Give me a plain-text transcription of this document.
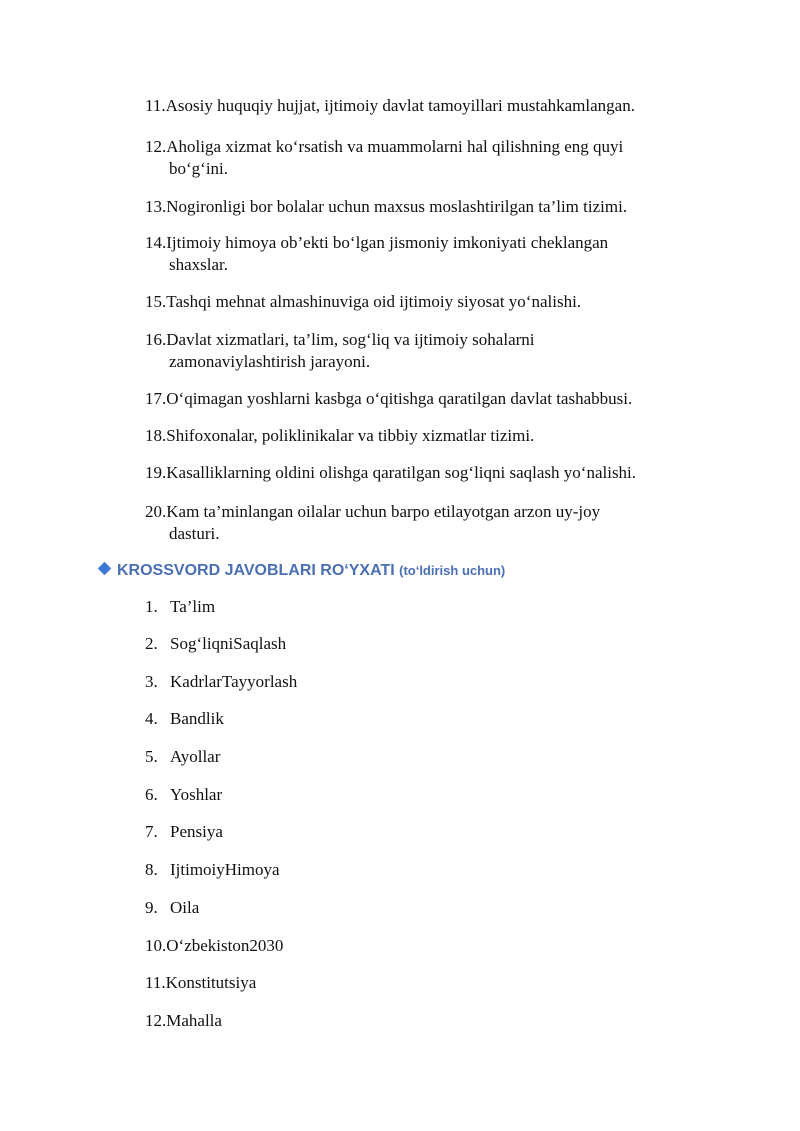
11.Asosiy huquqiy hujjat, ijtimoiy davlat tamoyillari mustahkamlangan.
12.Aholiga xizmat ko‘rsatish va muammolarni hal qilishning eng quyi
bo‘g‘ini.
13.Nogironligi bor bolalar uchun maxsus moslashtirilgan ta’lim tizimi.
14.Ijtimoiy himoya ob’ekti bo‘lgan jismoniy imkoniyati cheklangan
shaxslar.
15.Tashqi mehnat almashinuviga oid ijtimoiy siyosat yo‘nalishi.
16.Davlat xizmatlari, ta’lim, sog‘liq va ijtimoiy sohalarni
zamonaviylashtirish jarayoni.
17.O‘qimagan yoshlarni kasbga o‘qitishga qaratilgan davlat tashabbusi.
18.Shifoxonalar, poliklinikalar va tibbiy xizmatlar tizimi.
19.Kasalliklarning oldini olishga qaratilgan sog‘liqni saqlash yo‘nalishi.
20.Kam ta’minlangan oilalar uchun barpo etilayotgan arzon uy-joy
dasturi.
KROSSVORD JAVOBLARI RO‘YXATI (to‘ldirish uchun)
1. Ta’lim
2. Sog‘liqniSaqlash
3. KadrlarTayyorlash
4. Bandlik
5. Ayollar
6. Yoshlar
7. Pensiya
8. IjtimoiyHimoya
9. Oila
10.O‘zbekiston2030
11.Konstitutsiya
12.Mahalla
